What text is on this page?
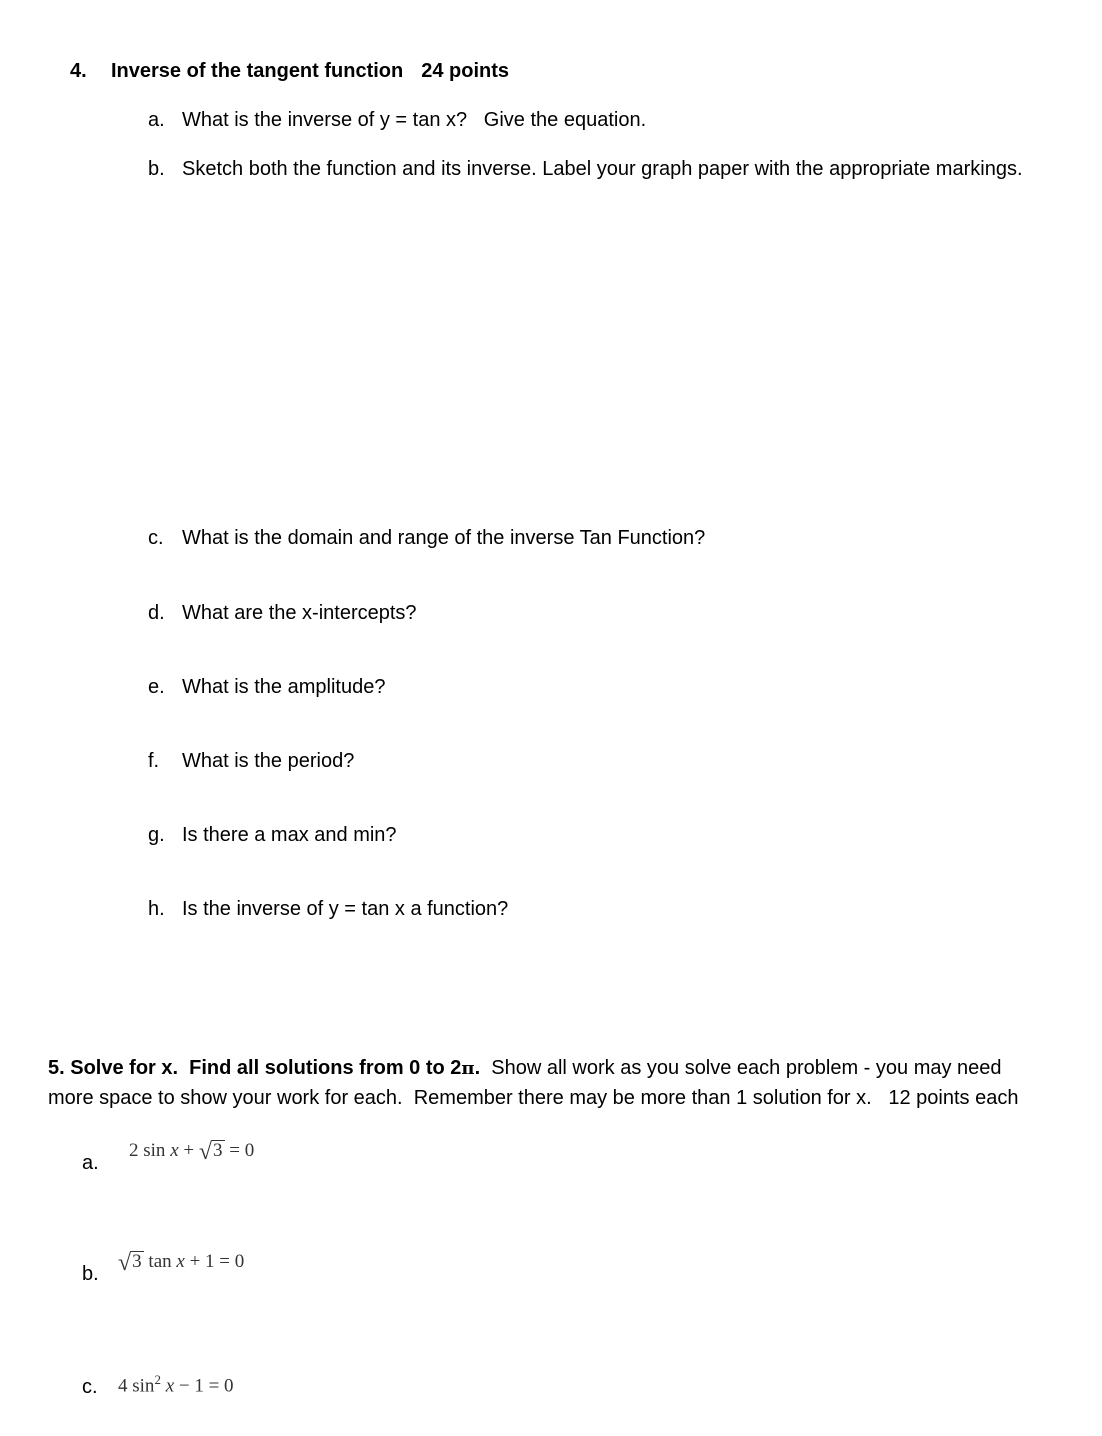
4. Inverse of the tangent function 24 points
a. What is the inverse of y = tan x?   Give the equation.
b. Sketch both the function and its inverse. Label your graph paper with the appropriate markings.
c. What is the domain and range of the inverse Tan Function?
d. What are the x-intercepts?
e. What is the amplitude?
f. What is the period?
g. Is there a max and min?
h. Is the inverse of y = tan x a function?
5. Solve for x.  Find all solutions from 0 to 2π.  Show all work as you solve each problem - you may need
more space to show your work for each.  Remember there may be more than 1 solution for x.   12 points each
a.
2 sin x + √3 = 0
b. √3 tan x + 1 = 0
c. 4 $\sin^2 x - 1 = 0$
